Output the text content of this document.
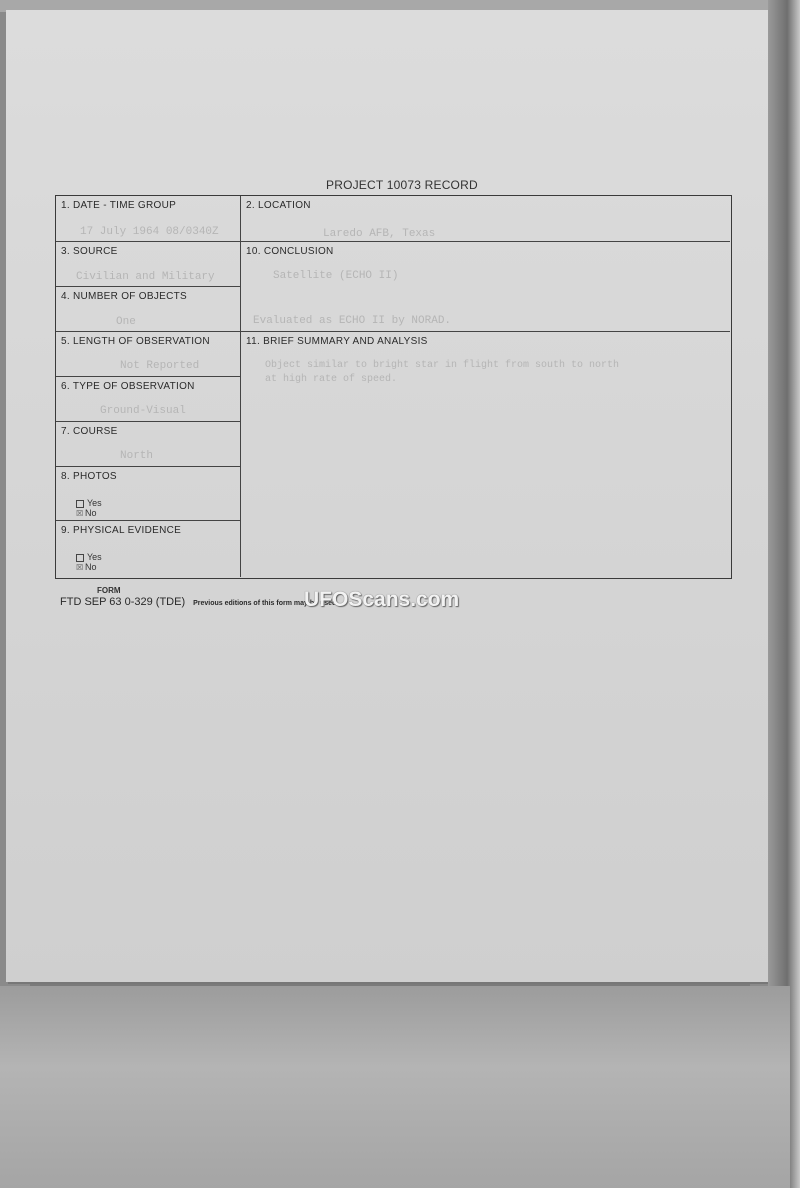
PROJECT 10073 RECORD
1. DATE - TIME GROUP
17 July 1964 08/0340Z
2. LOCATION
Laredo AFB, Texas
3. SOURCE
Civilian and Military
4. NUMBER OF OBJECTS
One
5. LENGTH OF OBSERVATION
Not Reported
6. TYPE OF OBSERVATION
Ground-Visual
7. COURSE
North
8. PHOTOS
Yes
☒ No
9. PHYSICAL EVIDENCE
Yes
☒ No
10. CONCLUSION
Satellite (ECHO II)
Evaluated as ECHO II by NORAD.
11. BRIEF SUMMARY AND ANALYSIS
Object similar to bright star in flight from south to north
at high rate of speed.
FORM
FTD SEP 63 0-329 (TDE) Previous editions of this form may be used.
UFOScans.com
